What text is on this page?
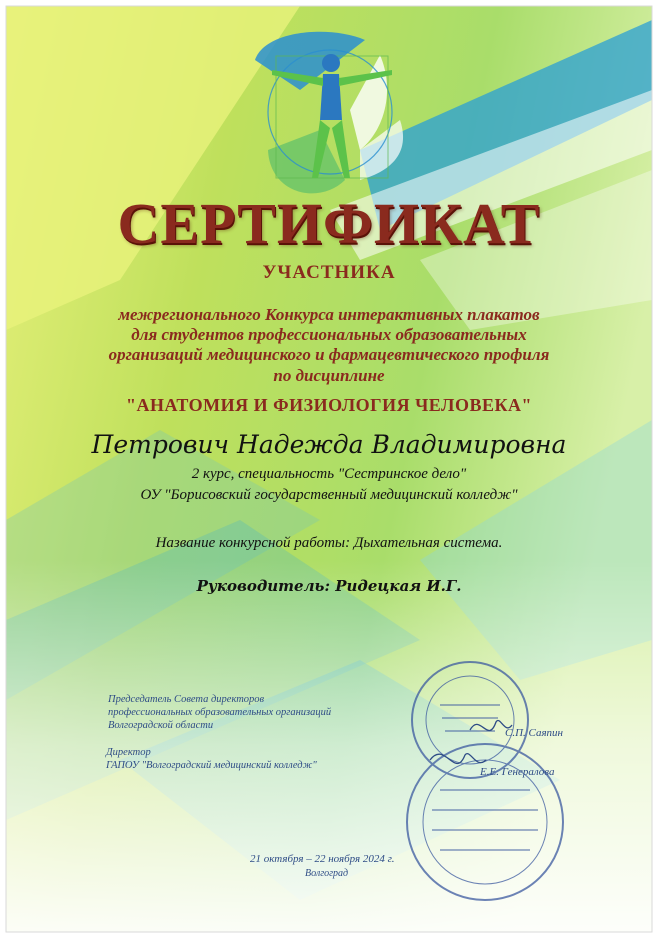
СЕРТИФИКАТ
УЧАСТНИКА
межрегионального Конкурса интерактивных плакатов
для студентов профессиональных образовательных
организаций медицинского и фармацевтического профиля
по дисциплине
"АНАТОМИЯ И ФИЗИОЛОГИЯ ЧЕЛОВЕКА"
Петрович Надежда Владимировна
2 курс, специальность "Сестринское дело"
ОУ "Борисовский государственный медицинский колледж"
Название конкурсной работы: Дыхательная система.
Руководитель: Ридецкая И.Г.
Председатель Совета директоров
профессиональных образовательных организаций
Волгоградской области
С.П. Саяпин
Директор
ГАПОУ "Волгоградский медицинский колледж"
Е.Е. Генералова
21 октября – 22 ноября 2024 г.
Волгоград
